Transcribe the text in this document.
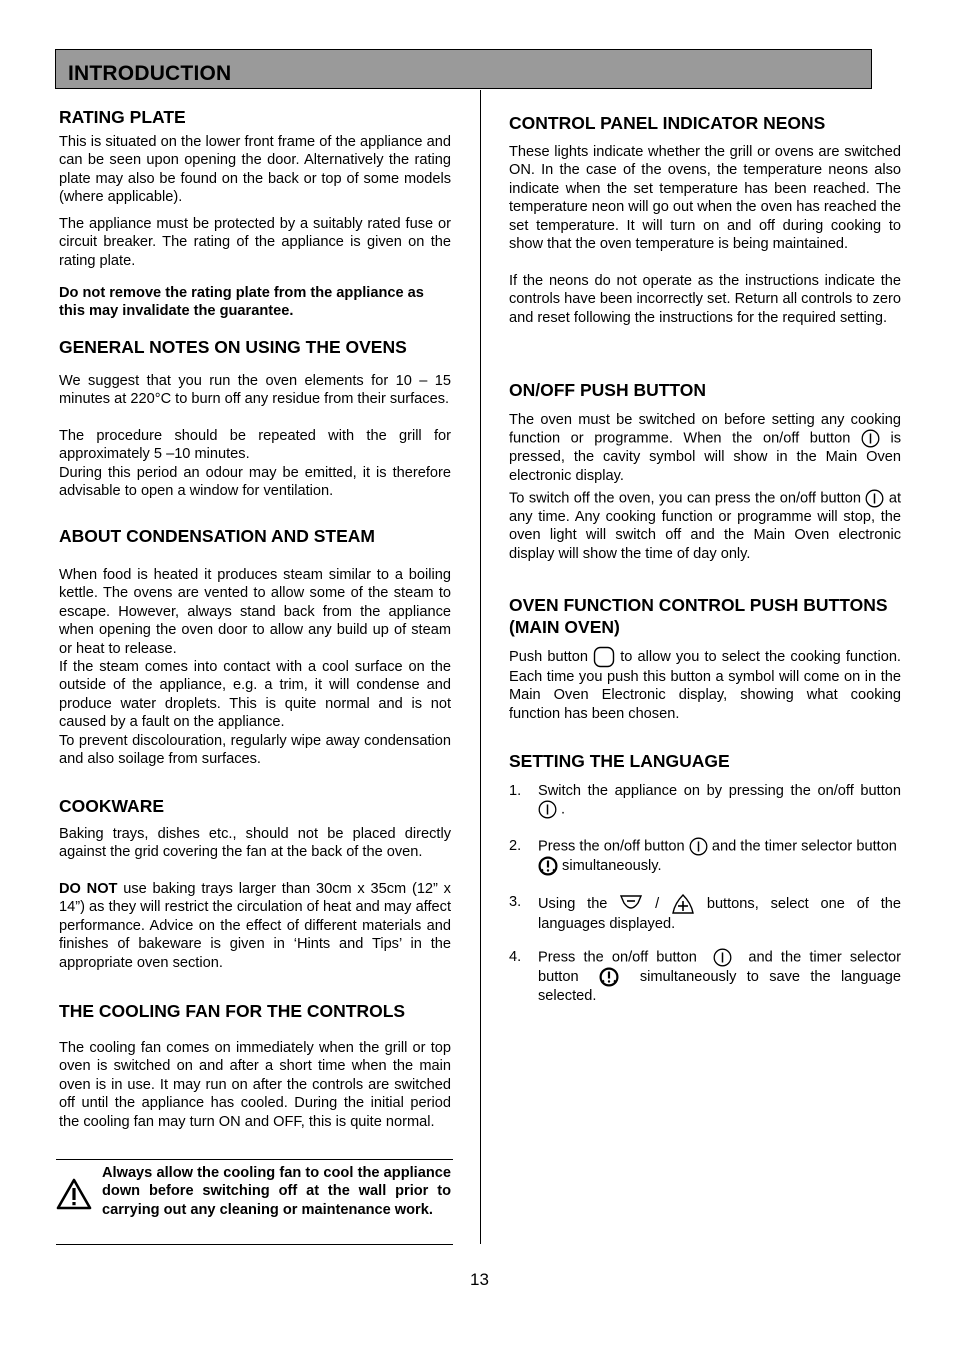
INTRODUCTION
RATING PLATE

This is situated on the lower front frame of the appliance and can be seen upon opening the door. Alternatively the rating plate may also be found on the back or top of some models (where applicable).

The appliance must be protected by a suitably rated fuse or circuit breaker. The rating of the appliance is given on the rating plate.

Do not remove the rating plate from the appliance as this may invalidate the guarantee.

GENERAL NOTES ON USING THE OVENS

We suggest that you run the oven elements for 10 – 15 minutes at 220°C to burn off any residue from their surfaces.

The procedure should be repeated with the grill for approximately 5 –10 minutes.

During this period an odour may be emitted, it is therefore advisable to open a window for ventilation.

ABOUT CONDENSATION AND STEAM

When food is heated it produces steam similar to a boiling kettle. The ovens are vented to allow some of the steam to escape. However, always stand back from the appliance when opening the oven door to allow any build up of steam or heat to release.

If the steam comes into contact with a cool surface on the outside of the appliance, e.g. a trim, it will condense and produce water droplets. This is quite normal and is not caused by a fault on the appliance.

To prevent discolouration, regularly wipe away condensation and also soilage from surfaces.

COOKWARE

Baking trays, dishes etc., should not be placed directly against the grid covering the fan at the back of the oven.

DO NOT use baking trays larger than 30cm x 35cm (12” x 14”) as they will restrict the circulation of heat and may affect performance. Advice on the effect of different materials and finishes of bakeware is given in ‘Hints and Tips’ in the appropriate oven section.

THE COOLING FAN FOR THE CONTROLS

The cooling fan comes on immediately when the grill or top oven is switched on and after a short time when the main oven is in use. It may run on after the controls are switched off until the appliance has cooled. During the initial period the cooling fan may turn ON and OFF, this is quite normal.

Always allow the cooling fan to cool the appliance down before switching off at the wall prior to carrying out any cleaning or maintenance work.

CONTROL PANEL INDICATOR NEONS

These lights indicate whether the grill or ovens are switched ON. In the case of the ovens, the temperature neons also indicate when the set temperature has been reached. The temperature neon will go out when the oven has reached the set temperature. It will turn on and off during cooking to show that the oven temperature is being maintained.

If the neons do not operate as the instructions indicate the controls have been incorrectly set. Return all controls to zero and reset following the instructions for the required setting.

ON/OFF PUSH BUTTON

The oven must be switched on before setting any cooking function or programme. When the on/off button  is pressed, the cavity symbol will show in the Main Oven electronic display.

To switch off the oven, you can press the on/off button  at any time. Any cooking function or programme will stop, the oven light will switch off and the Main Oven electronic display will show the time of day only.

OVEN FUNCTION CONTROL PUSH BUTTONS
(MAIN OVEN)

Push button  to allow you to select the cooking function. Each time you push this button a symbol will come on in the Main Oven Electronic display, showing what cooking function has been chosen.

SETTING THE LANGUAGE
1. Switch the appliance on by pressing the on/off button  .
2. Press the on/off button  and the timer selector button  simultaneously.
3. Using the  /  buttons, select one of the languages displayed.
4. Press the on/off button	and the timer selector button	simultaneously to save the language selected.
13
